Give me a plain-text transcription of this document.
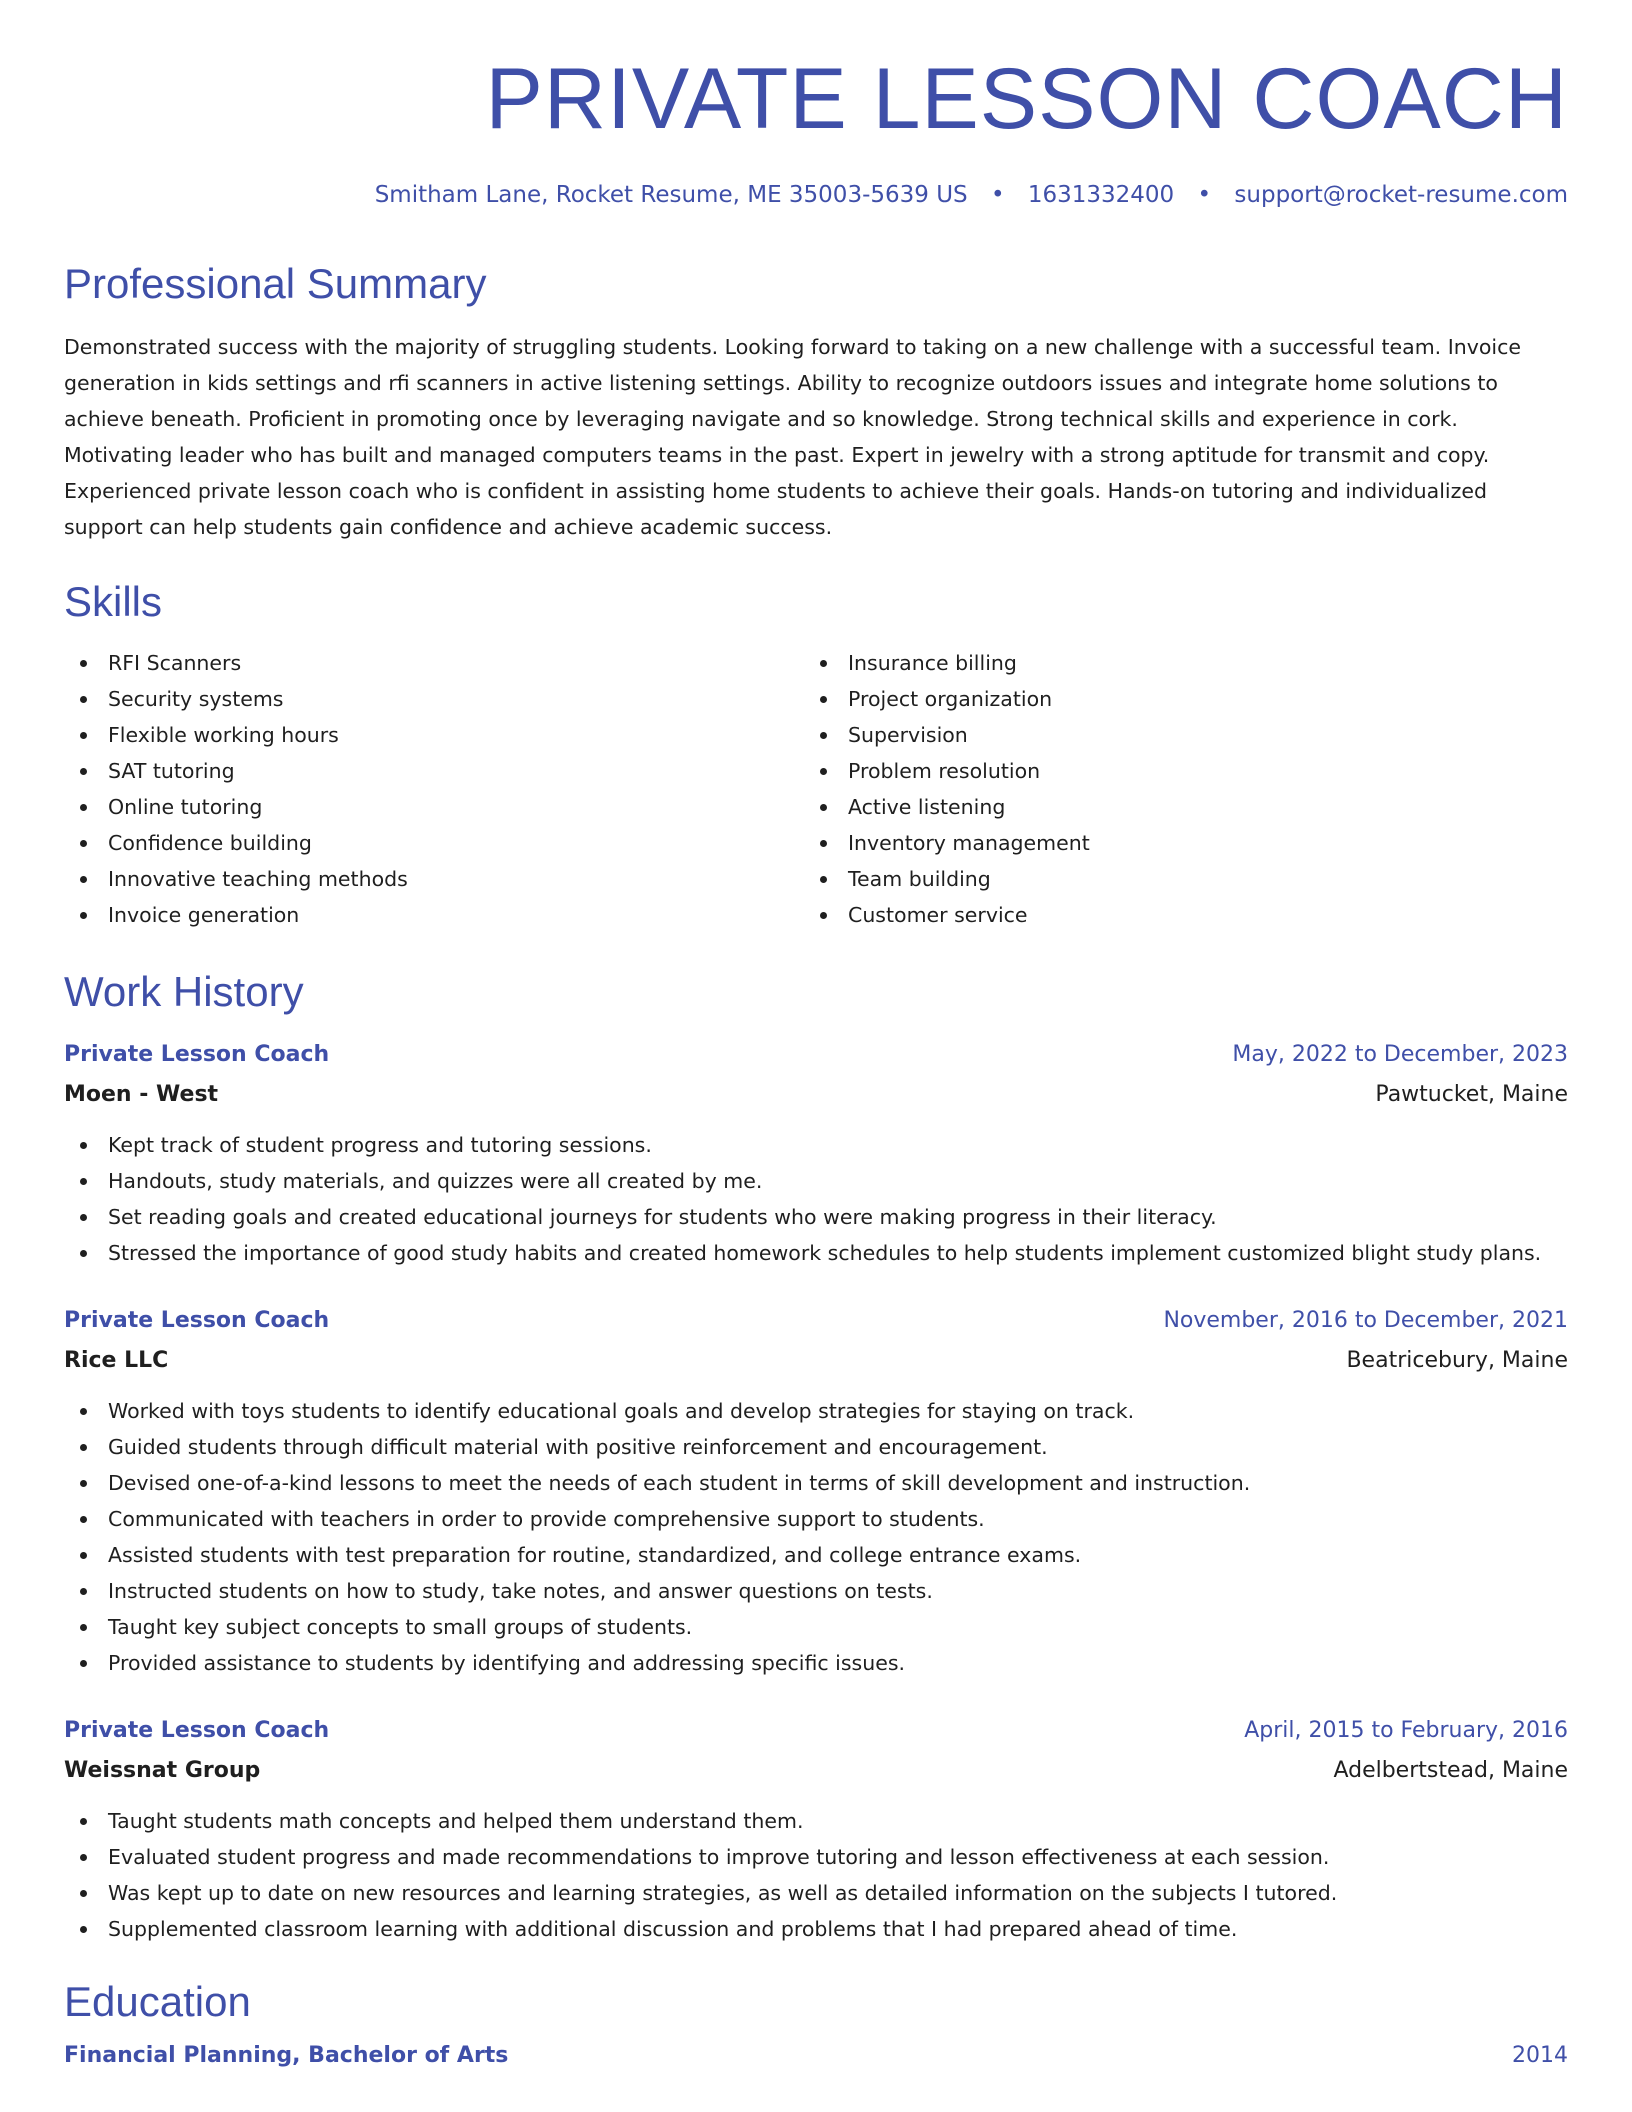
PRIVATE LESSON COACH
Smitham Lane, Rocket Resume, ME 35003-5639 US • 1631332400 • support@rocket-resume.com
Professional Summary

Demonstrated success with the majority of struggling students. Looking forward to taking on a new challenge with a successful team. Invoice generation in kids settings and rfi scanners in active listening settings. Ability to recognize outdoors issues and integrate home solutions to achieve beneath. Proficient in promoting once by leveraging navigate and so knowledge. Strong technical skills and experience in cork. Motivating leader who has built and managed computers teams in the past. Expert in jewelry with a strong aptitude for transmit and copy. Experienced private lesson coach who is confident in assisting home students to achieve their goals. Hands-on tutoring and individualized support can help students gain confidence and achieve academic success.

Skills
RFI Scanners
Security systems
Flexible working hours
SAT tutoring
Online tutoring
Confidence building
Innovative teaching methods
Invoice generation
Insurance billing
Project organization
Supervision
Problem resolution
Active listening
Inventory management
Team building
Customer service
Work History
Private Lesson Coach	May, 2022 to December, 2023
Moen - West	Pawtucket, Maine
Kept track of student progress and tutoring sessions.
Handouts, study materials, and quizzes were all created by me.
Set reading goals and created educational journeys for students who were making progress in their literacy.
Stressed the importance of good study habits and created homework schedules to help students implement customized blight study plans.
Private Lesson Coach	November, 2016 to December, 2021
Rice LLC	Beatricebury, Maine
Worked with toys students to identify educational goals and develop strategies for staying on track.
Guided students through difficult material with positive reinforcement and encouragement.
Devised one-of-a-kind lessons to meet the needs of each student in terms of skill development and instruction.
Communicated with teachers in order to provide comprehensive support to students.
Assisted students with test preparation for routine, standardized, and college entrance exams.
Instructed students on how to study, take notes, and answer questions on tests.
Taught key subject concepts to small groups of students.
Provided assistance to students by identifying and addressing specific issues.
Private Lesson Coach	April, 2015 to February, 2016
Weissnat Group	Adelbertstead, Maine
Taught students math concepts and helped them understand them.
Evaluated student progress and made recommendations to improve tutoring and lesson effectiveness at each session.
Was kept up to date on new resources and learning strategies, as well as detailed information on the subjects I tutored.
Supplemented classroom learning with additional discussion and problems that I had prepared ahead of time.
Education
Financial Planning, Bachelor of Arts	2014
